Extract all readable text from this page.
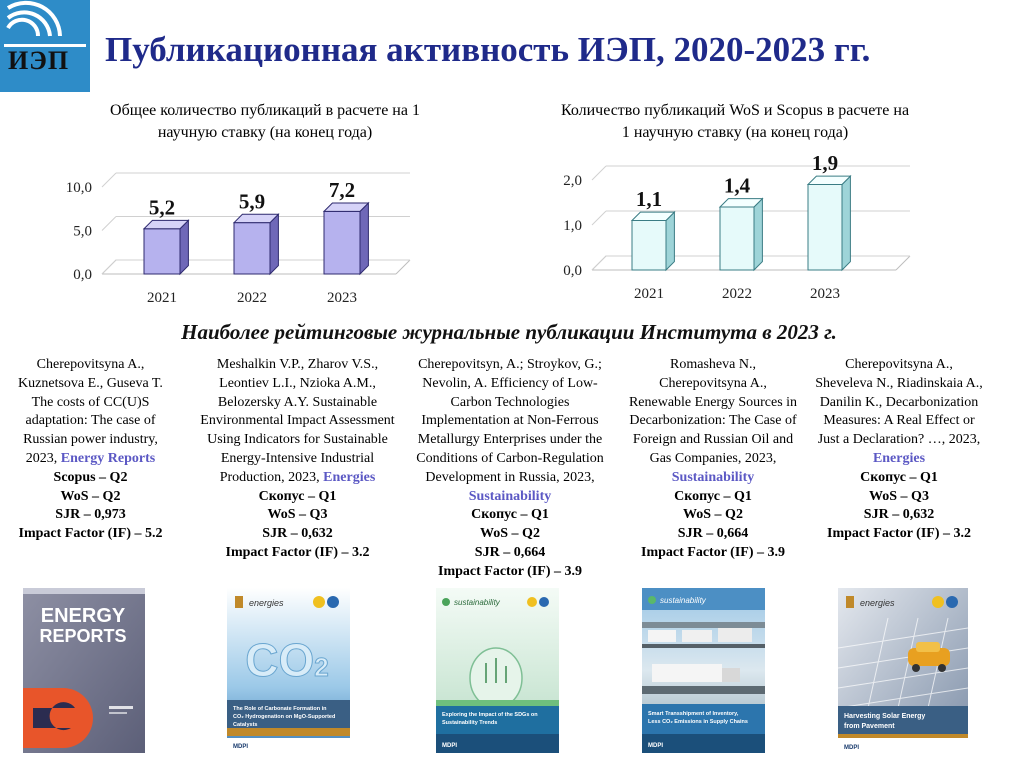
ИЭП Публикационная активность ИЭП, 2020-2023 гг.
Общее количество публикаций в расчете на 1
научную ставку (на конец года)
Количество публикаций WoS и Scopus в расчете на
1 научную ставку (на конец года)
0,0
5,0
10,0
5,2
2021
5,9
2022
7,2
2023
0,0
1,0
2,0
1,1
2021
1,4
2022
1,9
2023
Наиболее рейтинговые журнальные публикации Института в 2023 г.
Cherepovitsyna A., Kuznetsova E., Guseva T. The costs of CC(U)S adaptation: The case of Russian power industry, 2023, Energy Reports
Scopus – Q2
WoS – Q2
SJR – 0,973
Impact Factor (IF) – 5.2
Meshalkin V.P., Zharov V.S., Leontiev L.I., Nzioka A.M., Belozersky A.Y. Sustainable Environmental Impact Assessment Using Indicators for Sustainable Energy-Intensive Industrial Production, 2023, Energies
Скопус – Q1
WoS – Q3
SJR – 0,632
Impact Factor (IF) – 3.2
Cherepovitsyn, A.; Stroykov, G.; Nevolin, A. Efficiency of Low-Carbon Technologies Implementation at Non-Ferrous Metallurgy Enterprises under the Conditions of Carbon-Regulation Development in Russia, 2023, Sustainability
Скопус – Q1
WoS – Q2
SJR – 0,664
Impact Factor (IF) – 3.9
Romasheva N., Cherepovitsyna A., Renewable Energy Sources in Decarbonization: The Case of Foreign and Russian Oil and Gas Companies, 2023, Sustainability
Скопус – Q1
WoS – Q2
SJR – 0,664
Impact Factor (IF) – 3.9
Cherepovitsyna A., Sheveleva N., Riadinskaia A., Danilin K., Decarbonization Measures: A Real Effect or Just a Declaration? …, 2023, Energies
Скопус – Q1
WoS – Q3
SJR – 0,632
Impact Factor (IF) – 3.2
ENERGY
REPORTS
energies
CO2
The Role of Carbonate Formation in
CO₂ Hydrogenation on MgO-Supported
Catalysts
MDPI
sustainability
Exploring the Impact of the SDGs on
Sustainability Trends
MDPI
sustainability
Smart Transshipment of Inventory,
Less CO₂ Emissions in Supply Chains
MDPI
energies
Harvesting Solar Energy
from Pavement
MDPI
